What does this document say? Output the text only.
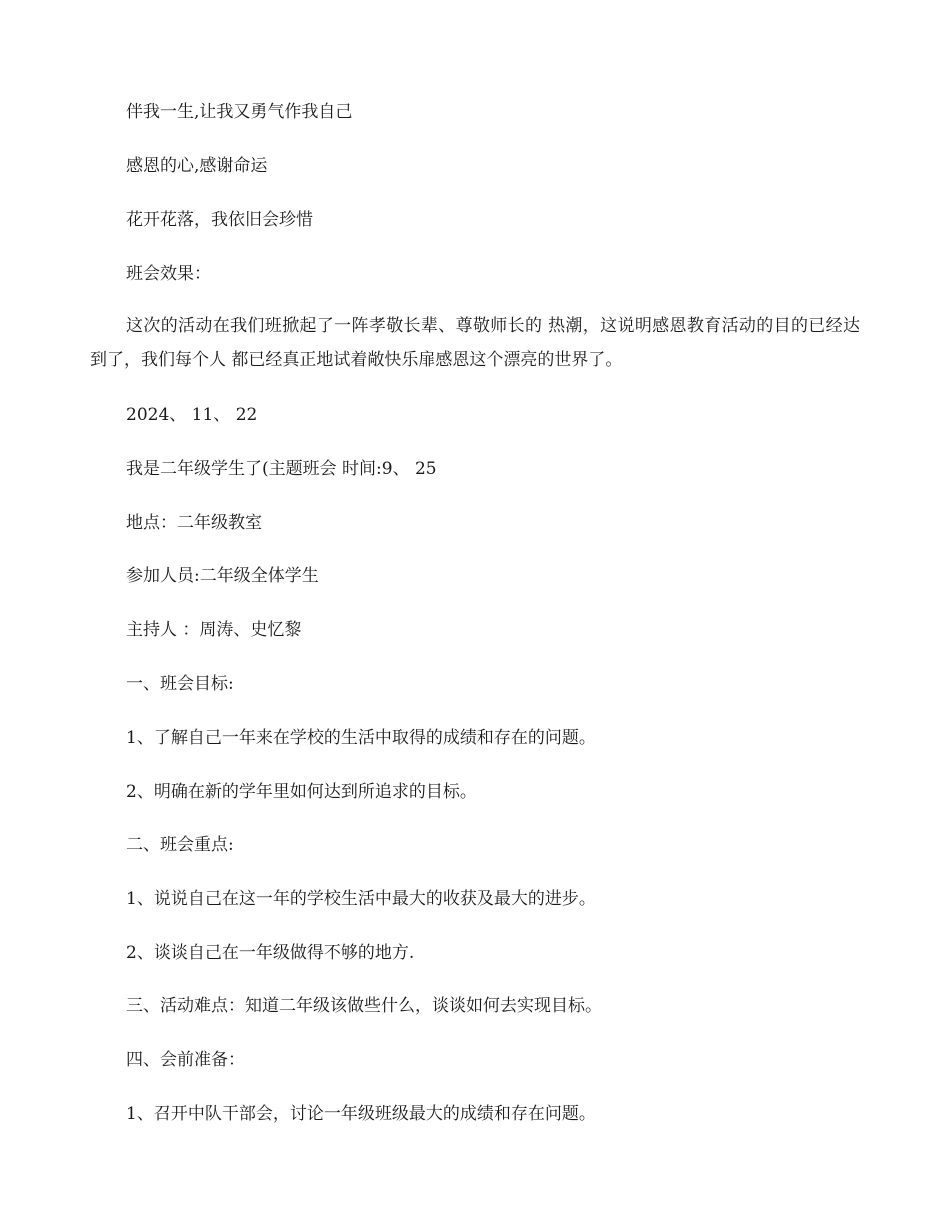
伴我一生,让我又勇气作我自己
感恩的心,感谢命运
花开花落，我依旧会珍惜
班会效果：
这次的活动在我们班掀起了一阵孝敬长辈、尊敬师长的 热潮，这说明感恩教育活动的目的已经达到了，我们每个人 都已经真正地试着敞快乐扉感恩这个漂亮的世界了。
2024、 11、 22
我是二年级学生了(主题班会 时间:9、 25
地点：二年级教室
参加人员:二年级全体学生
主持人 ：周涛、史忆黎
一、班会目标:
1、了解自己一年来在学校的生活中取得的成绩和存在的问题。
2、明确在新的学年里如何达到所追求的目标。
二、班会重点:
1、说说自己在这一年的学校生活中最大的收获及最大的进步。
2、谈谈自己在一年级做得不够的地方.
三、活动难点：知道二年级该做些什么，谈谈如何去实现目标。
四、会前准备：
1、召开中队干部会，讨论一年级班级最大的成绩和存在问题。
